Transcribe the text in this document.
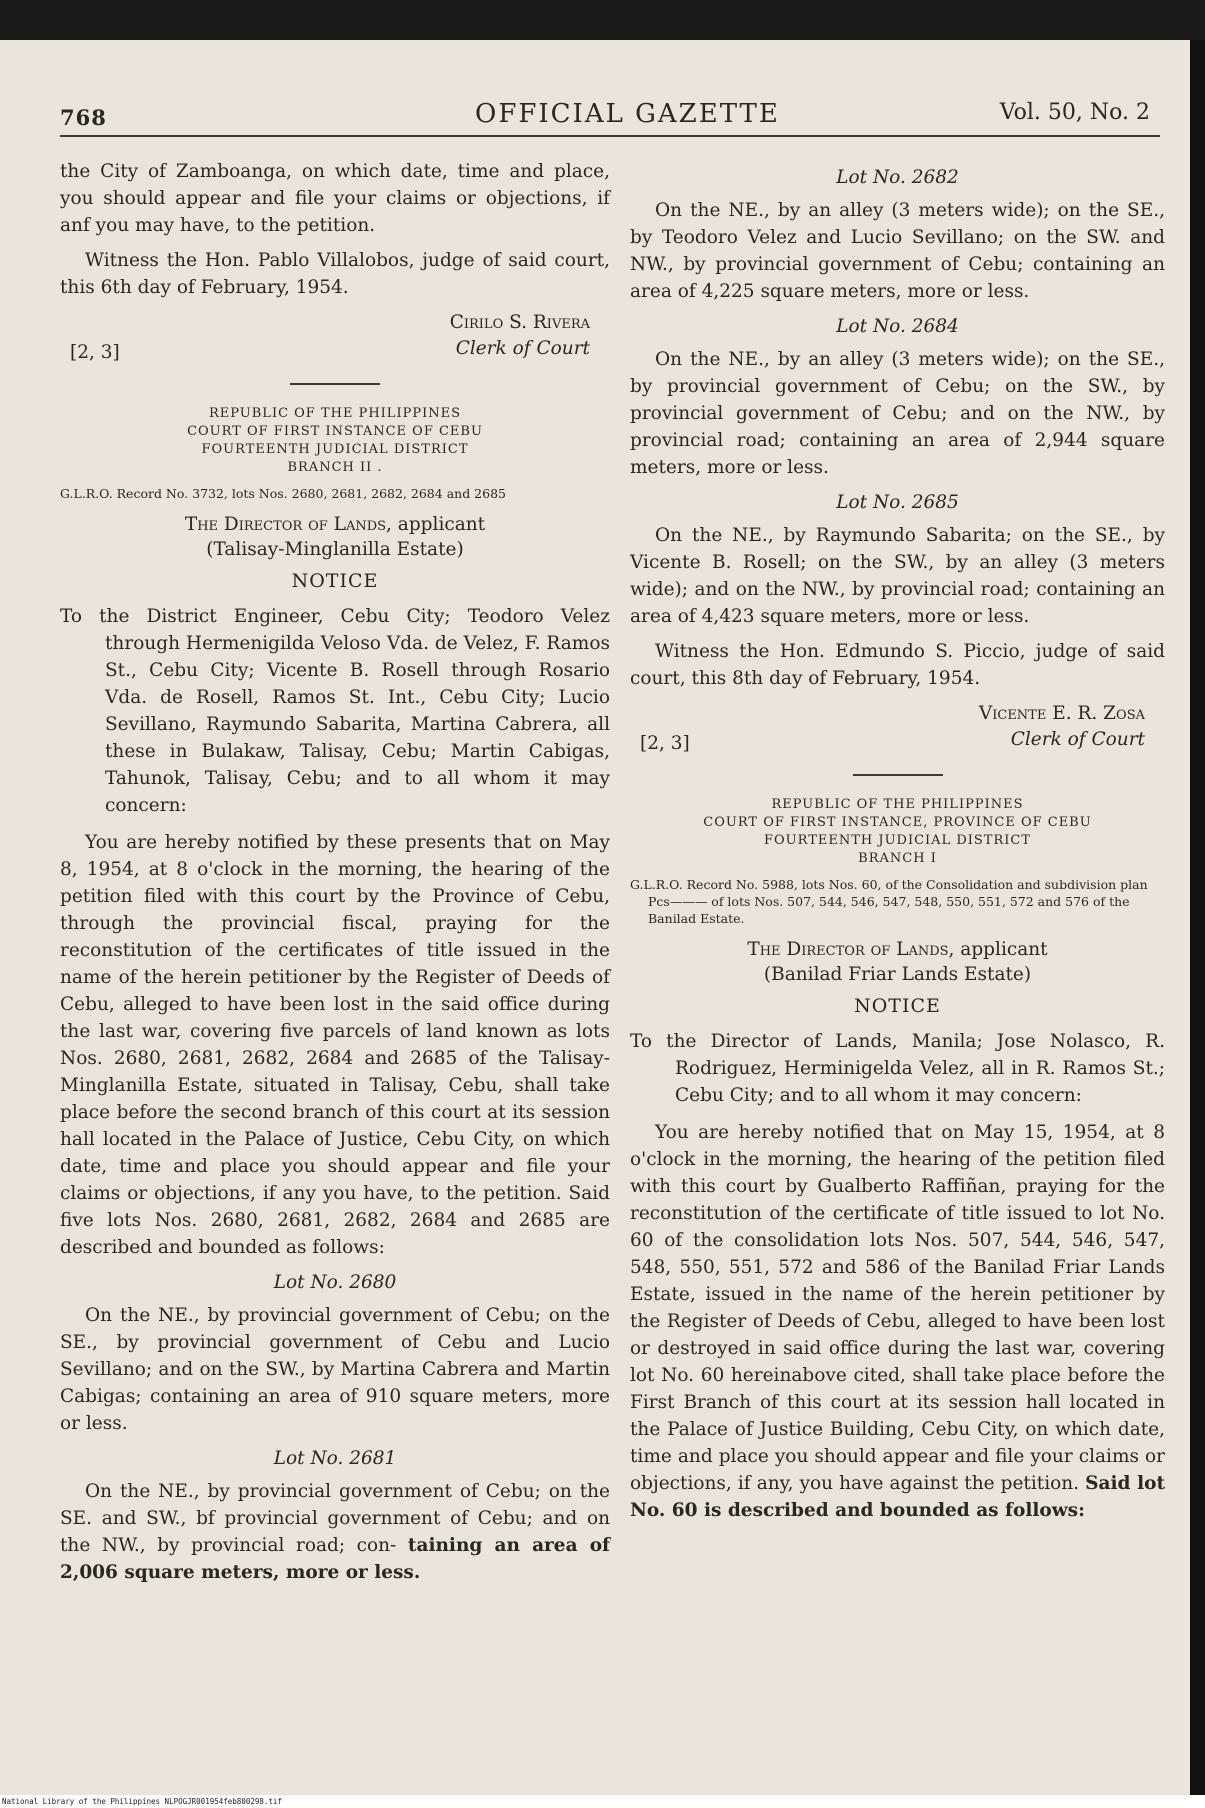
768	OFFICIAL GAZETTE	Vol. 50, No. 2

the City of Zamboanga, on which date, time and place, you should appear and file your claims or objections, if anf you may have, to the petition.

Witness the Hon. Pablo Villalobos, judge of said court, this 6th day of February, 1954.

Cirilo S. Rivera
Clerk of Court
[2, 3]
REPUBLIC OF THE PHILIPPINES
COURT OF FIRST INSTANCE OF CEBU
FOURTEENTH JUDICIAL DISTRICT
BRANCH II .
G.L.R.O. Record No. 3732, lots Nos. 2680, 2681, 2682, 2684 and 2685
The Director of Lands, applicant
(Talisay-Minglanilla Estate)
NOTICE

To the District Engineer, Cebu City; Teodoro Velez through Hermenigilda Veloso Vda. de Velez, F. Ramos St., Cebu City; Vicente B. Rosell through Rosario Vda. de Rosell, Ramos St. Int., Cebu City; Lucio Sevillano, Raymundo Sabarita, Martina Cabrera, all these in Bulakaw, Talisay, Cebu; Martin Cabigas, Tahunok, Talisay, Cebu; and to all whom it may concern:

You are hereby notified by these presents that on May 8, 1954, at 8 o'clock in the morning, the hearing of the petition filed with this court by the Province of Cebu, through the provincial fiscal, praying for the reconstitution of the certificates of title issued in the name of the herein petitioner by the Register of Deeds of Cebu, alleged to have been lost in the said office during the last war, covering five parcels of land known as lots Nos. 2680, 2681, 2682, 2684 and 2685 of the Talisay-Minglanilla Estate, situated in Talisay, Cebu, shall take place before the second branch of this court at its session hall located in the Palace of Justice, Cebu City, on which date, time and place you should appear and file your claims or objections, if any you have, to the petition. Said five lots Nos. 2680, 2681, 2682, 2684 and 2685 are described and bounded as follows:

Lot No. 2680

On the NE., by provincial government of Cebu; on the SE., by provincial government of Cebu and Lucio Sevillano; and on the SW., by Martina Cabrera and Martin Cabigas; containing an area of 910 square meters, more or less.

Lot No. 2681

On the NE., by provincial government of Cebu; on the SE. and SW., bf provincial government of Cebu; and on the NW., by provincial road; con- taining an area of 2,006 square meters, more or less.

Lot No. 2682

On the NE., by an alley (3 meters wide); on the SE., by Teodoro Velez and Lucio Sevillano; on the SW. and NW., by provincial government of Cebu; containing an area of 4,225 square meters, more or less.

Lot No. 2684

On the NE., by an alley (3 meters wide); on the SE., by provincial government of Cebu; on the SW., by provincial government of Cebu; and on the NW., by provincial road; containing an area of 2,944 square meters, more or less.

Lot No. 2685

On the NE., by Raymundo Sabarita; on the SE., by Vicente B. Rosell; on the SW., by an alley (3 meters wide); and on the NW., by provincial road; containing an area of 4,423 square meters, more or less.

Witness the Hon. Edmundo S. Piccio, judge of said court, this 8th day of February, 1954.

Vicente E. R. Zosa
Clerk of Court
[2, 3]
REPUBLIC OF THE PHILIPPINES
COURT OF FIRST INSTANCE, PROVINCE OF CEBU
FOURTEENTH JUDICIAL DISTRICT
BRANCH I
G.L.R.O. Record No. 5988, lots Nos. 60, of the Consolidation and subdivision plan Pcs——— of lots Nos. 507, 544, 546, 547, 548, 550, 551, 572 and 576 of the Banilad Estate.
The Director of Lands, applicant
(Banilad Friar Lands Estate)
NOTICE

To the Director of Lands, Manila; Jose Nolasco, R. Rodriguez, Herminigelda Velez, all in R. Ramos St.; Cebu City; and to all whom it may concern:

You are hereby notified that on May 15, 1954, at 8 o'clock in the morning, the hearing of the petition filed with this court by Gualberto Raffiñan, praying for the reconstitution of the certificate of title issued to lot No. 60 of the consolidation lots Nos. 507, 544, 546, 547, 548, 550, 551, 572 and 586 of the Banilad Friar Lands Estate, issued in the name of the herein petitioner by the Register of Deeds of Cebu, alleged to have been lost or destroyed in said office during the last war, covering lot No. 60 hereinabove cited, shall take place before the First Branch of this court at its session hall located in the Palace of Justice Building, Cebu City, on which date, time and place you should appear and file your claims or objections, if any, you have against the petition. Said lot No. 60 is described and bounded as follows:

National Library of the Philippines NLPOGJR001954feb800298.tif
